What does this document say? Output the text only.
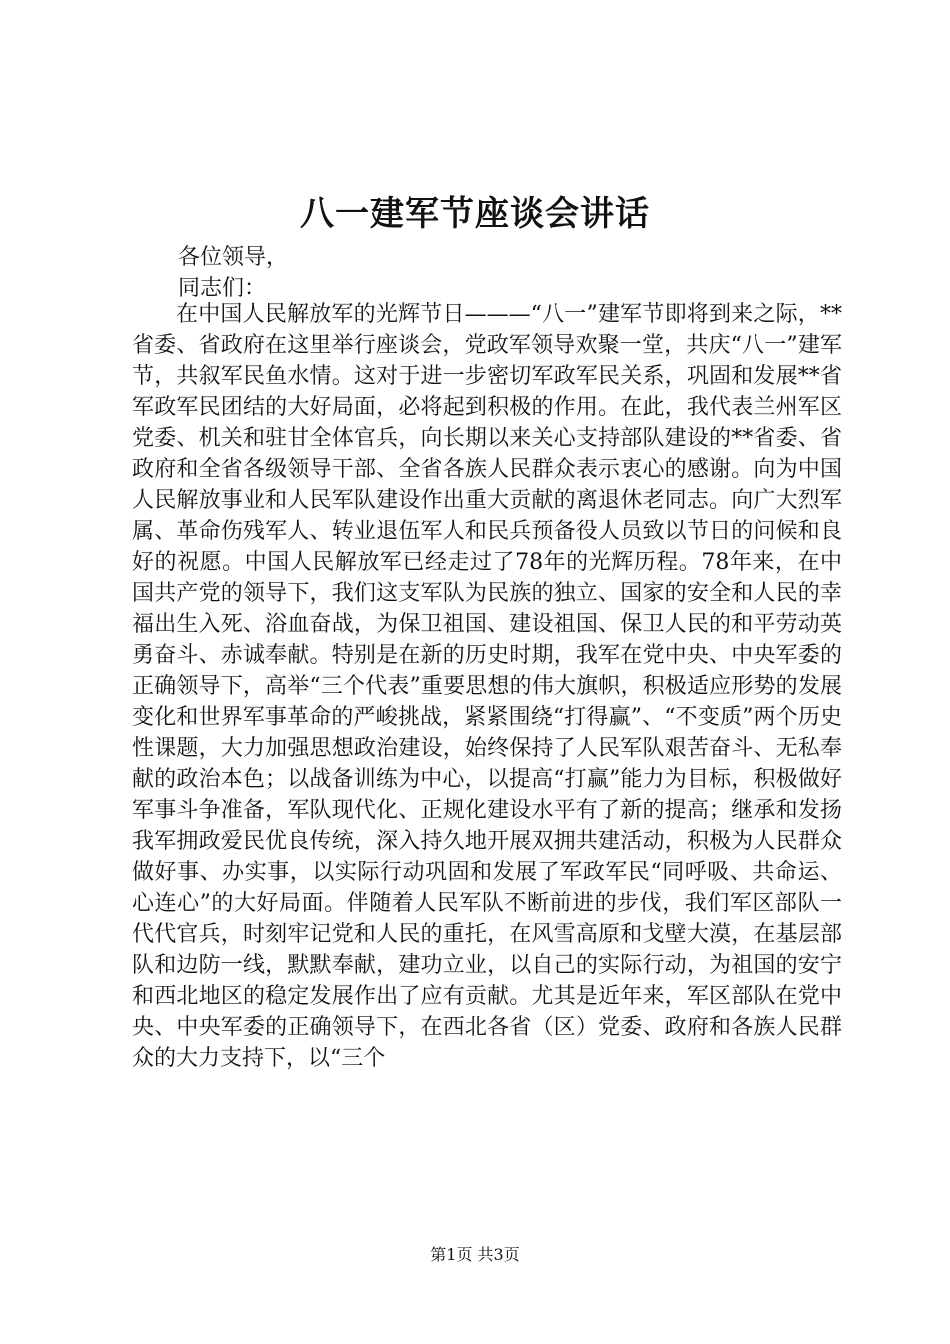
八一建军节座谈会讲话
各位领导，
同志们：

在中国人民解放军的光辉节日———“八一”建军节即将到来之际，**省委、省政府在这里举行座谈会，党政军领导欢聚一堂，共庆“八一”建军节，共叙军民鱼水情。这对于进一步密切军政军民关系，巩固和发展**省军政军民团结的大好局面，必将起到积极的作用。在此，我代表兰州军区党委、机关和驻甘全体官兵，向长期以来关心支持部队建设的**省委、省政府和全省各级领导干部、全省各族人民群众表示衷心的感谢。向为中国人民解放事业和人民军队建设作出重大贡献的离退休老同志。向广大烈军属、革命伤残军人、转业退伍军人和民兵预备役人员致以节日的问候和良好的祝愿。中国人民解放军已经走过了78年的光辉历程。78年来，在中国共产党的领导下，我们这支军队为民族的独立、国家的安全和人民的幸福出生入死、浴血奋战，为保卫祖国、建设祖国、保卫人民的和平劳动英勇奋斗、赤诚奉献。特别是在新的历史时期，我军在党中央、中央军委的正确领导下，高举“三个代表”重要思想的伟大旗帜，积极适应形势的发展变化和世界军事革命的严峻挑战，紧紧围绕“打得赢”、“不变质”两个历史性课题，大力加强思想政治建设，始终保持了人民军队艰苦奋斗、无私奉献的政治本色；以战备训练为中心，以提高“打赢”能力为目标，积极做好军事斗争准备，军队现代化、正规化建设水平有了新的提高；继承和发扬我军拥政爱民优良传统，深入持久地开展双拥共建活动，积极为人民群众做好事、办实事，以实际行动巩固和发展了军政军民“同呼吸、共命运、心连心”的大好局面。伴随着人民军队不断前进的步伐，我们军区部队一代代官兵，时刻牢记党和人民的重托，在风雪高原和戈壁大漠，在基层部队和边防一线，默默奉献，建功立业，以自己的实际行动，为祖国的安宁和西北地区的稳定发展作出了应有贡献。尤其是近年来，军区部队在党中央、中央军委的正确领导下，在西北各省（区）党委、政府和各族人民群众的大力支持下，以“三个

第1页 共3页
